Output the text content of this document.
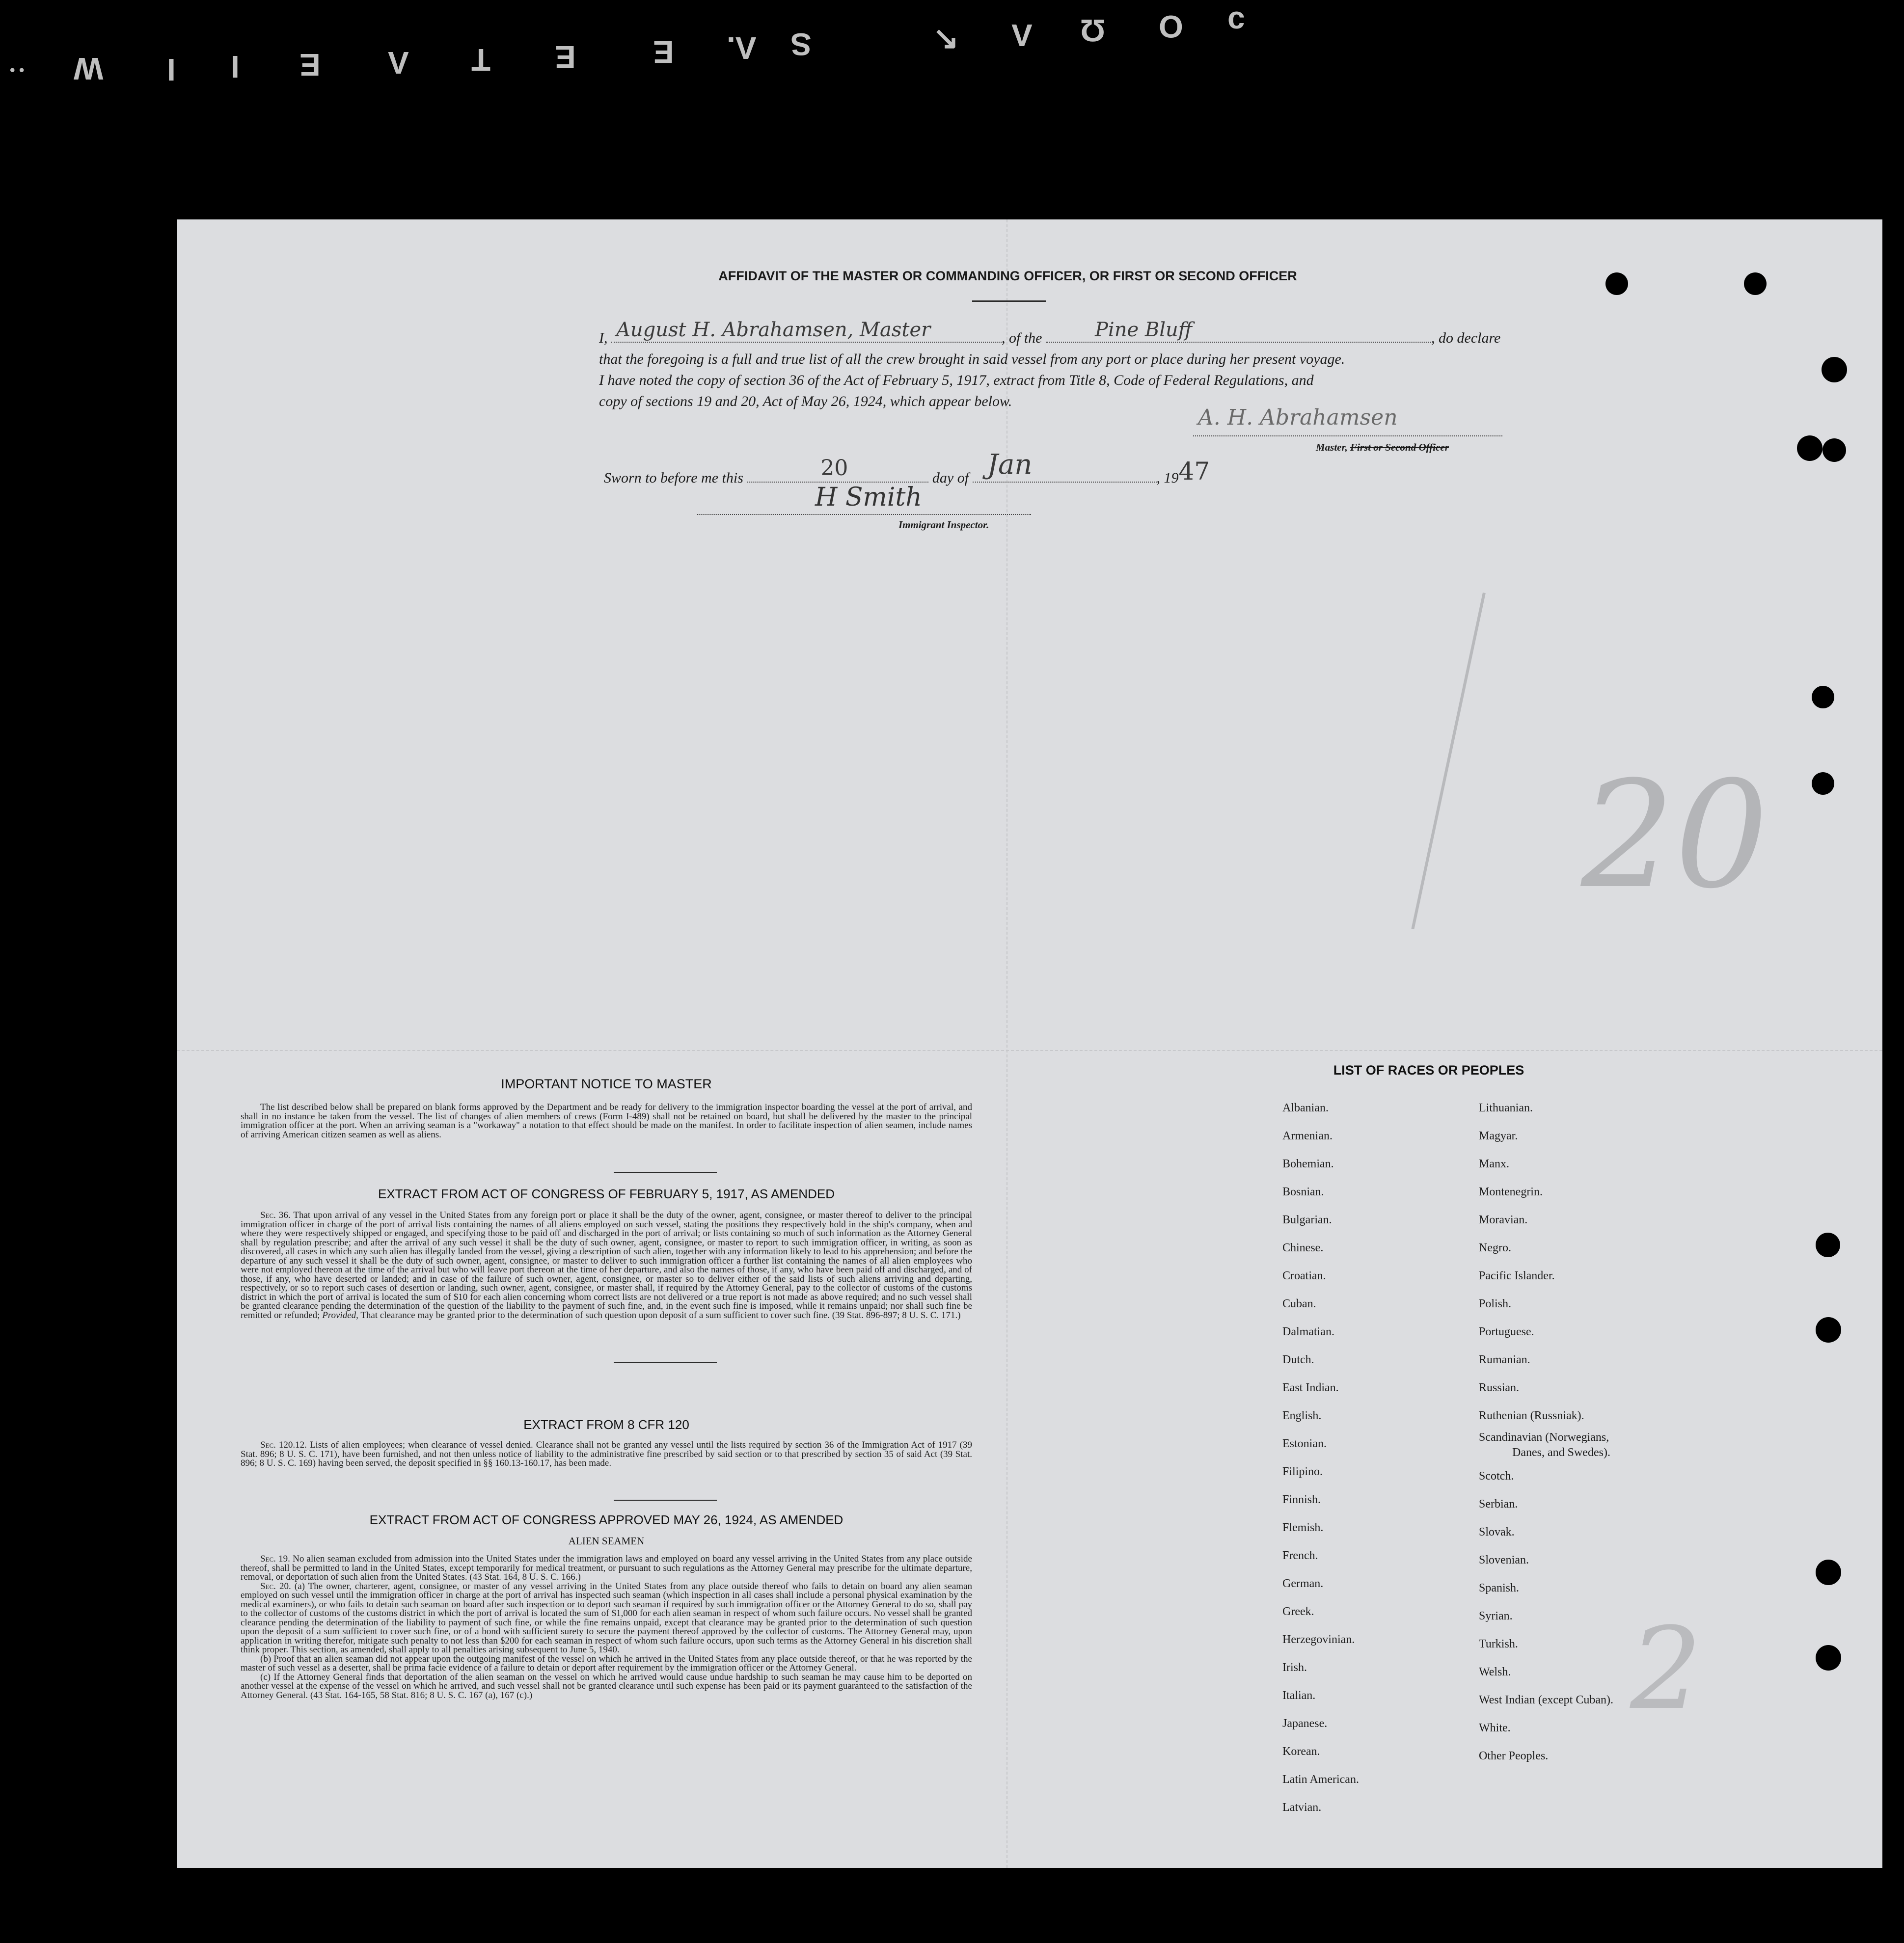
• • W I I E Λ T E E Λ. S	↖ Λ Ω O ↄ
AFFIDAVIT OF THE MASTER OR COMMANDING OFFICER, OR FIRST OR SECOND OFFICER
I, August H. Abrahamsen, Master	, of the	Pine Bluff	, do declare
that the foregoing is a full and true list of all the crew brought in said vessel from any port or place during her present voyage.
I have noted the copy of section 36 of the Act of February 5, 1917, extract from Title 8, Code of Federal Regulations, and
copy of sections 19 and 20, Act of May 26, 1924, which appear below.
A. H. Abrahamsen
Master, First or Second Officer
Sworn to before me this	20	day of Jan	, 1947
H Smith
Immigrant Inspector.
20
2
IMPORTANT NOTICE TO MASTER

The list described below shall be prepared on blank forms approved by the Department and be ready for delivery to the immigration inspector boarding the vessel at the port of arrival, and shall in no instance be taken from the vessel. The list of changes of alien members of crews (Form I-489) shall not be retained on board, but shall be delivered by the master to the principal immigration officer at the port. When an arriving seaman is a "workaway" a notation to that effect should be made on the manifest. In order to facilitate inspection of alien seamen, include names of arriving American citizen seamen as well as aliens.

EXTRACT FROM ACT OF CONGRESS OF FEBRUARY 5, 1917, AS AMENDED

Sec. 36. That upon arrival of any vessel in the United States from any foreign port or place it shall be the duty of the owner, agent, consignee, or master thereof to deliver to the principal immigration officer in charge of the port of arrival lists containing the names of all aliens employed on such vessel, stating the positions they respectively hold in the ship's company, when and where they were respectively shipped or engaged, and specifying those to be paid off and discharged in the port of arrival; or lists containing so much of such information as the Attorney General shall by regulation prescribe; and after the arrival of any such vessel it shall be the duty of such owner, agent, consignee, or master to report to such immigration officer, in writing, as soon as discovered, all cases in which any such alien has illegally landed from the vessel, giving a description of such alien, together with any information likely to lead to his apprehension; and before the departure of any such vessel it shall be the duty of such owner, agent, consignee, or master to deliver to such immigration officer a further list containing the names of all alien employees who were not employed thereon at the time of the arrival but who will leave port thereon at the time of her departure, and also the names of those, if any, who have been paid off and discharged, and of those, if any, who have deserted or landed; and in case of the failure of such owner, agent, consignee, or master so to deliver either of the said lists of such aliens arriving and departing, respectively, or so to report such cases of desertion or landing, such owner, agent, consignee, or master shall, if required by the Attorney General, pay to the collector of customs of the customs district in which the port of arrival is located the sum of $10 for each alien concerning whom correct lists are not delivered or a true report is not made as above required; and no such vessel shall be granted clearance pending the determination of the question of the liability to the payment of such fine, and, in the event such fine is imposed, while it remains unpaid; nor shall such fine be remitted or refunded; Provided, That clearance may be granted prior to the determination of such question upon deposit of a sum sufficient to cover such fine. (39 Stat. 896-897; 8 U. S. C. 171.)

EXTRACT FROM 8 CFR 120

Sec. 120.12. Lists of alien employees; when clearance of vessel denied. Clearance shall not be granted any vessel until the lists required by section 36 of the Immigration Act of 1917 (39 Stat. 896; 8 U. S. C. 171), have been furnished, and not then unless notice of liability to the administrative fine prescribed by said section or to that prescribed by section 35 of said Act (39 Stat. 896; 8 U. S. C. 169) having been served, the deposit specified in §§ 160.13-160.17, has been made.

EXTRACT FROM ACT OF CONGRESS APPROVED MAY 26, 1924, AS AMENDED
ALIEN SEAMEN

Sec. 19. No alien seaman excluded from admission into the United States under the immigration laws and employed on board any vessel arriving in the United States from any place outside thereof, shall be permitted to land in the United States, except temporarily for medical treatment, or pursuant to such regulations as the Attorney General may prescribe for the ultimate departure, removal, or deportation of such alien from the United States. (43 Stat. 164, 8 U. S. C. 166.)

Sec. 20. (a) The owner, charterer, agent, consignee, or master of any vessel arriving in the United States from any place outside thereof who fails to detain on board any alien seaman employed on such vessel until the immigration officer in charge at the port of arrival has inspected such seaman (which inspection in all cases shall include a personal physical examination by the medical examiners), or who fails to detain such seaman on board after such inspection or to deport such seaman if required by such immigration officer or the Attorney General to do so, shall pay to the collector of customs of the customs district in which the port of arrival is located the sum of $1,000 for each alien seaman in respect of whom such failure occurs. No vessel shall be granted clearance pending the determination of the liability to payment of such fine, or while the fine remains unpaid, except that clearance may be granted prior to the determination of such question upon the deposit of a sum sufficient to cover such fine, or of a bond with sufficient surety to secure the payment thereof approved by the collector of customs. The Attorney General may, upon application in writing therefor, mitigate such penalty to not less than $200 for each seaman in respect of whom such failure occurs, upon such terms as the Attorney General in his discretion shall think proper. This section, as amended, shall apply to all penalties arising subsequent to June 5, 1940.

(b) Proof that an alien seaman did not appear upon the outgoing manifest of the vessel on which he arrived in the United States from any place outside thereof, or that he was reported by the master of such vessel as a deserter, shall be prima facie evidence of a failure to detain or deport after requirement by the immigration officer or the Attorney General.

(c) If the Attorney General finds that deportation of the alien seaman on the vessel on which he arrived would cause undue hardship to such seaman he may cause him to be deported on another vessel at the expense of the vessel on which he arrived, and such vessel shall not be granted clearance until such expense has been paid or its payment guaranteed to the satisfaction of the Attorney General. (43 Stat. 164-165, 58 Stat. 816; 8 U. S. C. 167 (a), 167 (c).)

LIST OF RACES OR PEOPLES
Albanian.
Armenian.
Bohemian.
Bosnian.
Bulgarian.
Chinese.
Croatian.
Cuban.
Dalmatian.
Dutch.
East Indian.
English.
Estonian.
Filipino.
Finnish.
Flemish.
French.
German.
Greek.
Herzegovinian.
Irish.
Italian.
Japanese.
Korean.
Latin American.
Latvian.
Lithuanian.
Magyar.
Manx.
Montenegrin.
Moravian.
Negro.
Pacific Islander.
Polish.
Portuguese.
Rumanian.
Russian.
Ruthenian (Russniak).
Scandinavian (Norwegians,
Danes, and Swedes).
Scotch.
Serbian.
Slovak.
Slovenian.
Spanish.
Syrian.
Turkish.
Welsh.
West Indian (except Cuban).
White.
Other Peoples.
